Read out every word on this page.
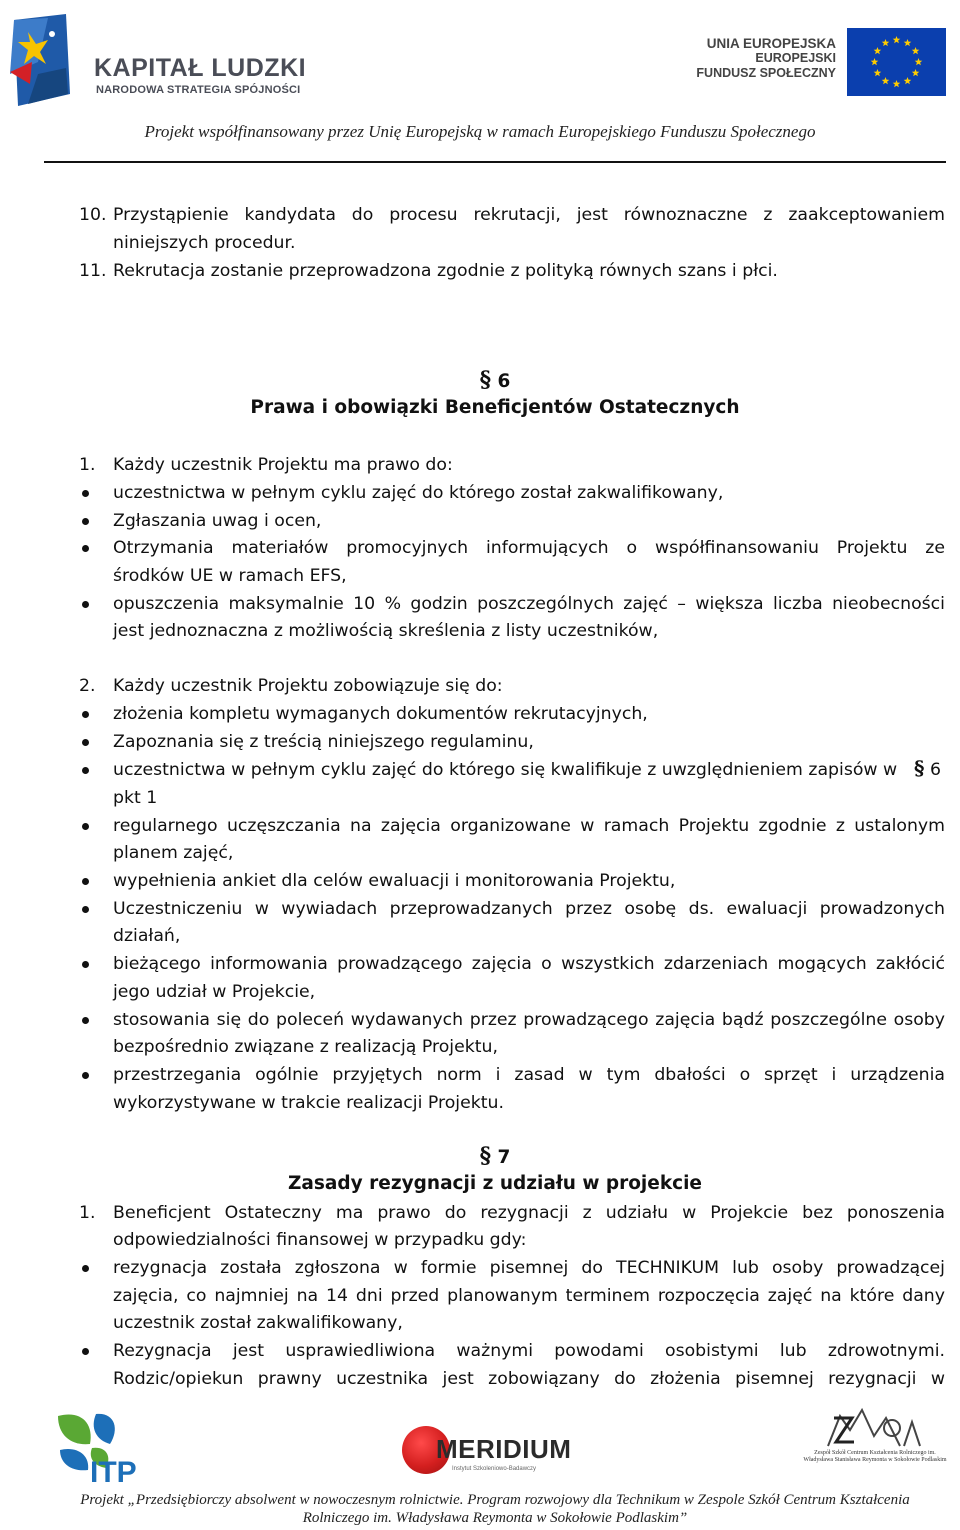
KAPITAŁ LUDZKI
NARODOWA STRATEGIA SPÓJNOŚCI
UNIA EUROPEJSKA
EUROPEJSKI
FUNDUSZ SPOŁECZNY
Projekt współfinansowany przez Unię Europejską w ramach Europejskiego Funduszu Społecznego
10. Przystąpienie kandydata do procesu rekrutacji, jest równoznaczne z zaakceptowaniem
niniejszych procedur.
11. Rekrutacja zostanie przeprowadzona zgodnie z polityką równych szans i płci.
§ 6
Prawa i obowiązki Beneficjentów Ostatecznych
1. Każdy uczestnik Projektu ma prawo do:
uczestnictwa w pełnym cyklu zajęć do którego został zakwalifikowany,
Zgłaszania uwag i ocen,
Otrzymania materiałów promocyjnych informujących o współfinansowaniu Projektu ze
środków UE w ramach EFS,
opuszczenia maksymalnie 10 % godzin poszczególnych zajęć – większa liczba nieobecności
jest jednoznaczna z możliwością skreślenia z listy uczestników,
2. Każdy uczestnik Projektu zobowiązuje się do:
złożenia kompletu wymaganych dokumentów rekrutacyjnych,
Zapoznania się z treścią niniejszego regulaminu,
uczestnictwa w pełnym cyklu zajęć do którego się kwalifikuje z uwzględnieniem zapisów w § 6
pkt 1
regularnego uczęszczania na zajęcia organizowane w ramach Projektu zgodnie z ustalonym
planem zajęć,
wypełnienia ankiet dla celów ewaluacji i monitorowania Projektu,
Uczestniczeniu w wywiadach przeprowadzanych przez osobę ds. ewaluacji prowadzonych
działań,
bieżącego informowania prowadzącego zajęcia o wszystkich zdarzeniach mogących zakłócić
jego udział w Projekcie,
stosowania się do poleceń wydawanych przez prowadzącego zajęcia bądź poszczególne osoby
bezpośrednio związane z realizacją Projektu,
przestrzegania ogólnie przyjętych norm i zasad w tym dbałości o sprzęt i urządzenia
wykorzystywane w trakcie realizacji Projektu.
§ 7
Zasady rezygnacji z udziału w projekcie
1. Beneficjent Ostateczny ma prawo do rezygnacji z udziału w Projekcie bez ponoszenia
odpowiedzialności finansowej w przypadku gdy:
rezygnacja została zgłoszona w formie pisemnej do TECHNIKUM lub osoby prowadzącej
zajęcia, co najmniej na 14 dni przed planowanym terminem rozpoczęcia zajęć na które dany
uczestnik został zakwalifikowany,
Rezygnacja jest usprawiedliwiona ważnymi powodami osobistymi lub zdrowotnymi.
Rodzic/opiekun prawny uczestnika jest zobowiązany do złożenia pisemnej rezygnacji w
ITP
MERIDIUM
Instytut Szkoleniowo-Badawczy
Zespół Szkół Centrum Kształcenia Rolniczego im. Władysława Stanisława Reymonta w Sokołowie Podlaskim
Projekt „Przedsiębiorczy absolwent w nowoczesnym rolnictwie. Program rozwojowy dla Technikum w Zespole Szkół Centrum Kształcenia
Rolniczego im. Władysława Reymonta w Sokołowie Podlaskim”
